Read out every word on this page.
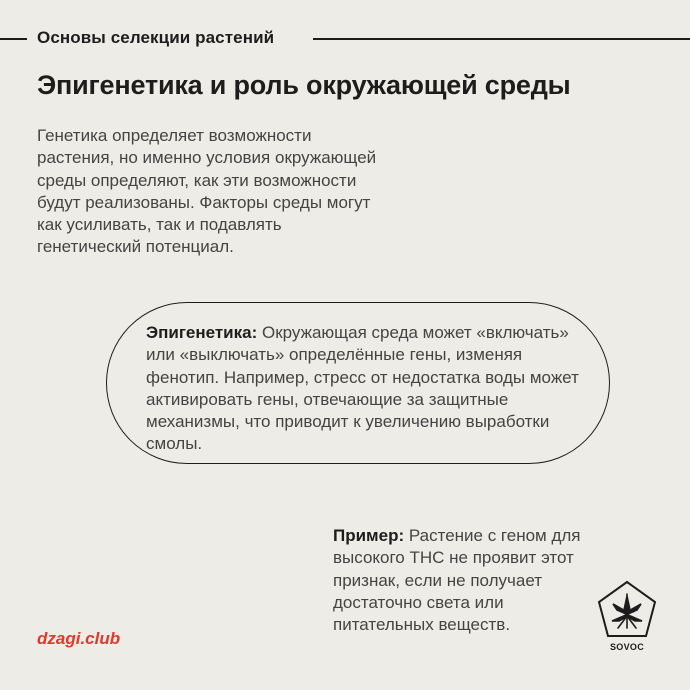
Основы селекции растений
Эпигенетика и роль окружающей среды

Генетика определяет возможности растения, но именно условия окружающей среды определяют, как эти возможности будут реализованы. Факторы среды могут как усиливать, так и подавлять генетический потенциал.

Эпигенетика: Окружающая среда может «включать» или «выключать» определённые гены, изменяя фенотип. Например, стресс от недостатка воды может активировать гены, отвечающие за защитные механизмы, что приводит к увеличению выработки смолы.

Пример: Растение с геном для высокого THC не проявит этот признак, если не получает достаточно света или питательных веществ.

dzagi.club	SOVOC
